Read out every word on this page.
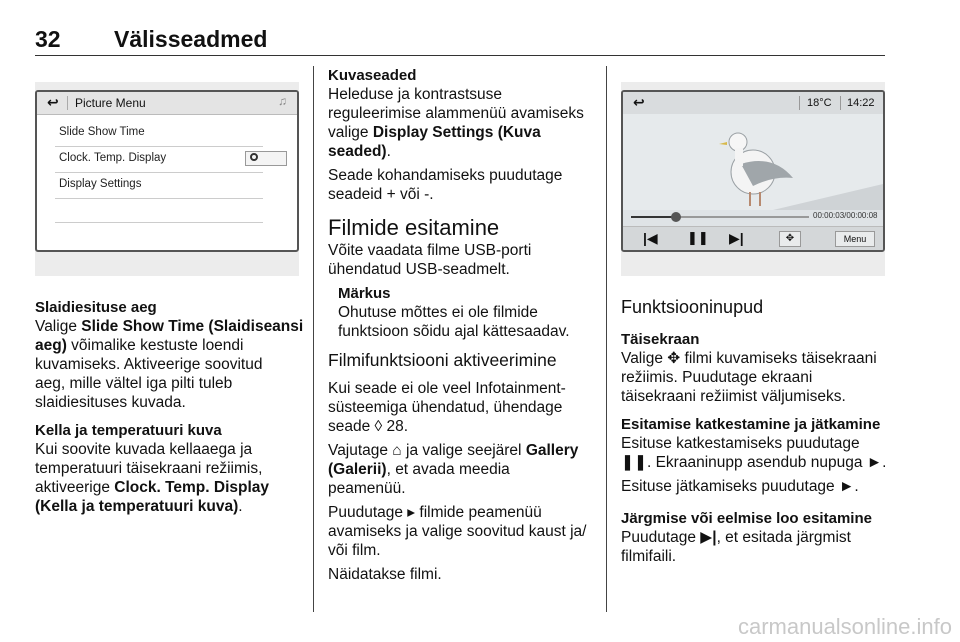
32 Välisseadmed
↩ Picture Menu	♫
Slide Show Time
Clock. Temp. Display
Display Settings

Slaidiesituse aeg

Valige Slide Show Time (Slaidiseansi

aeg) võimalike kestuste loendi

kuvamiseks. Aktiveerige soovitud

aeg, mille vältel iga pilti tuleb

slaidiesituses kuvada.

Kella ja temperatuuri kuva

Kui soovite kuvada kellaaega ja

temperatuuri täisekraani režiimis,

aktiveerige Clock. Temp. Display

(Kella ja temperatuuri kuva).

Kuvaseaded

Heleduse ja kontrastsuse

reguleerimise alammenüü avamiseks

valige Display Settings (Kuva

seaded).

Seade kohandamiseks puudutage

seadeid + või -.

Filmide esitamine

Võite vaadata filme USB-porti

ühendatud USB-seadmelt.

Märkus

Ohutuse mõttes ei ole filmide

funktsioon sõidu ajal kättesaadav.

Filmifunktsiooni aktiveerimine

Kui seade ei ole veel Infotainment-

süsteemiga ühendatud, ühendage

seade ◊ 28.

Vajutage ⌂ ja valige seejärel Gallery

(Galerii), et avada meedia

peamenüü.

Puudutage ▸ filmide peamenüü

avamiseks ja valige soovitud kaust ja/

või film.

Näidatakse filmi.

↩	18°C 14:22
00:00:03/00:00:08
|◀ ❚❚ ▶|	✥	Menu

Funktsiooninupud

Täisekraan

Valige ✥ filmi kuvamiseks täisekraani

režiimis. Puudutage ekraani

täisekraani režiimist väljumiseks.

Esitamise katkestamine ja jätkamine

Esituse katkestamiseks puudutage

❚❚. Ekraaninupp asendub nupuga ►.

Esituse jätkamiseks puudutage ►.

Järgmise või eelmise loo esitamine

Puudutage ▶|, et esitada järgmist

filmifaili.

carmanualsonline.info
